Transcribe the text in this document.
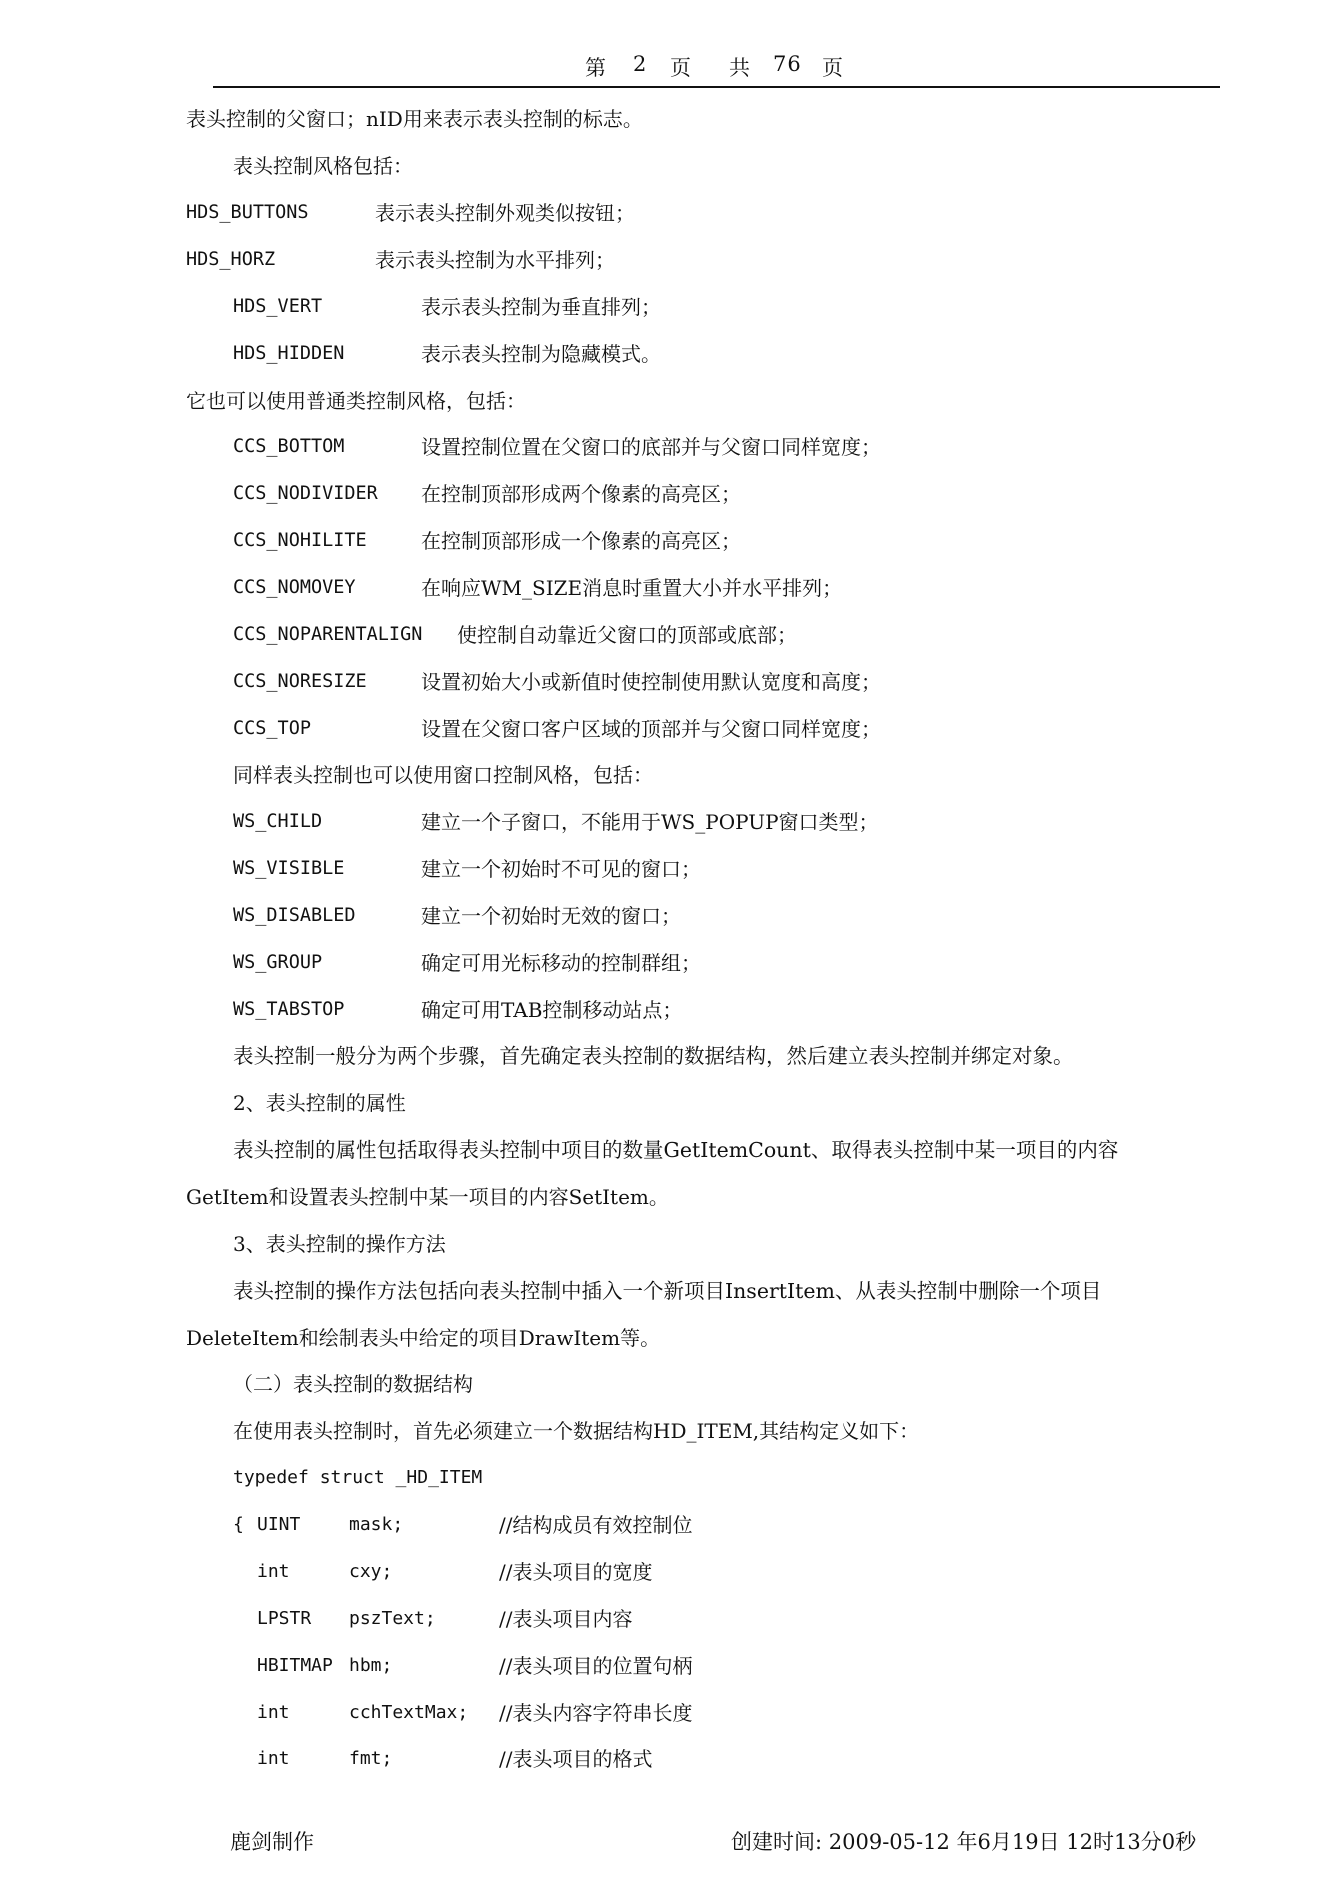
第 2 页 共 76 页
表头控制的父窗口；nID用来表示表头控制的标志。
表头控制风格包括：
HDS_BUTTONS	表示表头控制外观类似按钮；
HDS_HORZ	表示表头控制为水平排列；
HDS_VERT	表示表头控制为垂直排列；
HDS_HIDDEN	表示表头控制为隐藏模式。
它也可以使用普通类控制风格，包括：
CCS_BOTTOM	设置控制位置在父窗口的底部并与父窗口同样宽度；
CCS_NODIVIDER 在控制顶部形成两个像素的高亮区；
CCS_NOHILITE	在控制顶部形成一个像素的高亮区；
CCS_NOMOVEY	在响应WM_SIZE消息时重置大小并水平排列；
CCS_NOPARENTALIGN 使控制自动靠近父窗口的顶部或底部；
CCS_NORESIZE	设置初始大小或新值时使控制使用默认宽度和高度；
CCS_TOP	设置在父窗口客户区域的顶部并与父窗口同样宽度；
同样表头控制也可以使用窗口控制风格，包括：
WS_CHILD	建立一个子窗口，不能用于WS_POPUP窗口类型；
WS_VISIBLE	建立一个初始时不可见的窗口；
WS_DISABLED	建立一个初始时无效的窗口；
WS_GROUP	确定可用光标移动的控制群组；
WS_TABSTOP	确定可用TAB控制移动站点；
表头控制一般分为两个步骤，首先确定表头控制的数据结构，然后建立表头控制并绑定对象。
2、表头控制的属性
表头控制的属性包括取得表头控制中项目的数量GetItemCount、取得表头控制中某一项目的内容
GetItem和设置表头控制中某一项目的内容SetItem。
3、表头控制的操作方法
表头控制的操作方法包括向表头控制中插入一个新项目InsertItem、从表头控制中删除一个项目
DeleteItem和绘制表头中给定的项目DrawItem等。
（二）表头控制的数据结构
在使用表头控制时，首先必须建立一个数据结构HD_ITEM,其结构定义如下：
typedef struct _HD_ITEM
{ UINT	mask;	//结构成员有效控制位
int	cxy;	//表头项目的宽度
LPSTR pszText;	//表头项目内容
HBITMAP hbm;	//表头项目的位置句柄
int	cchTextMax; //表头内容字符串长度
int	fmt;	//表头项目的格式
鹿剑制作	创建时间: 2009-05-12 年6月19日 12时13分0秒
